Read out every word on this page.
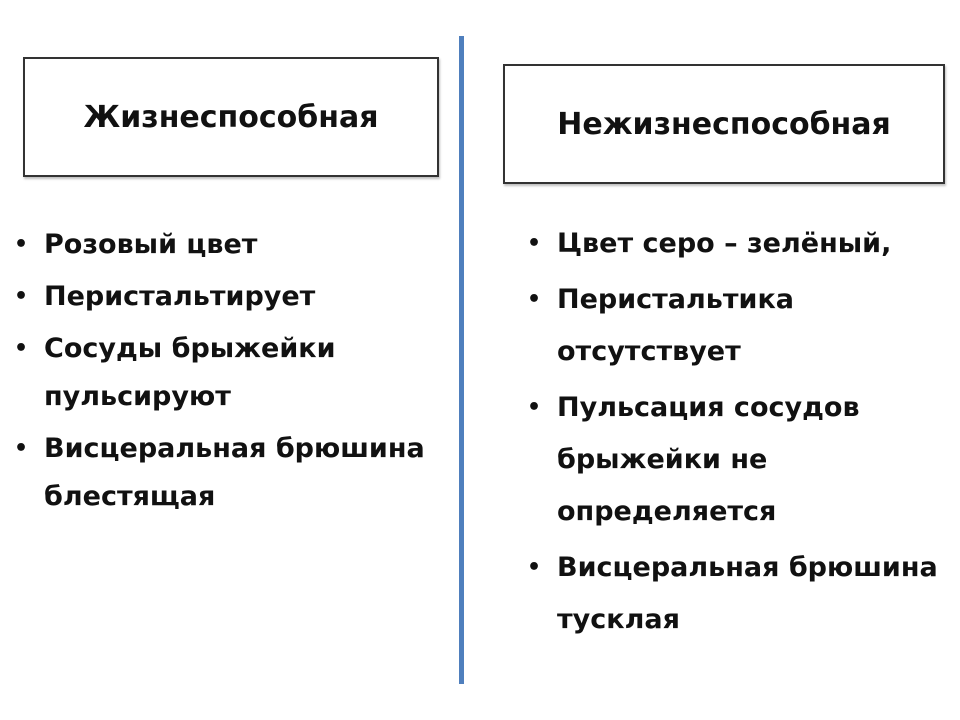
Жизнеспособная	Нежизнеспособная
• Розовый цвет
• Перистальтирует
• Сосуды брыжейки пульсируют
• Висцеральная брюшина блестящая
• Цвет серо – зелёный,
• Перистальтика отсутствует
• Пульсация сосудов брыжейки не определяется
• Висцеральная брюшина тусклая
